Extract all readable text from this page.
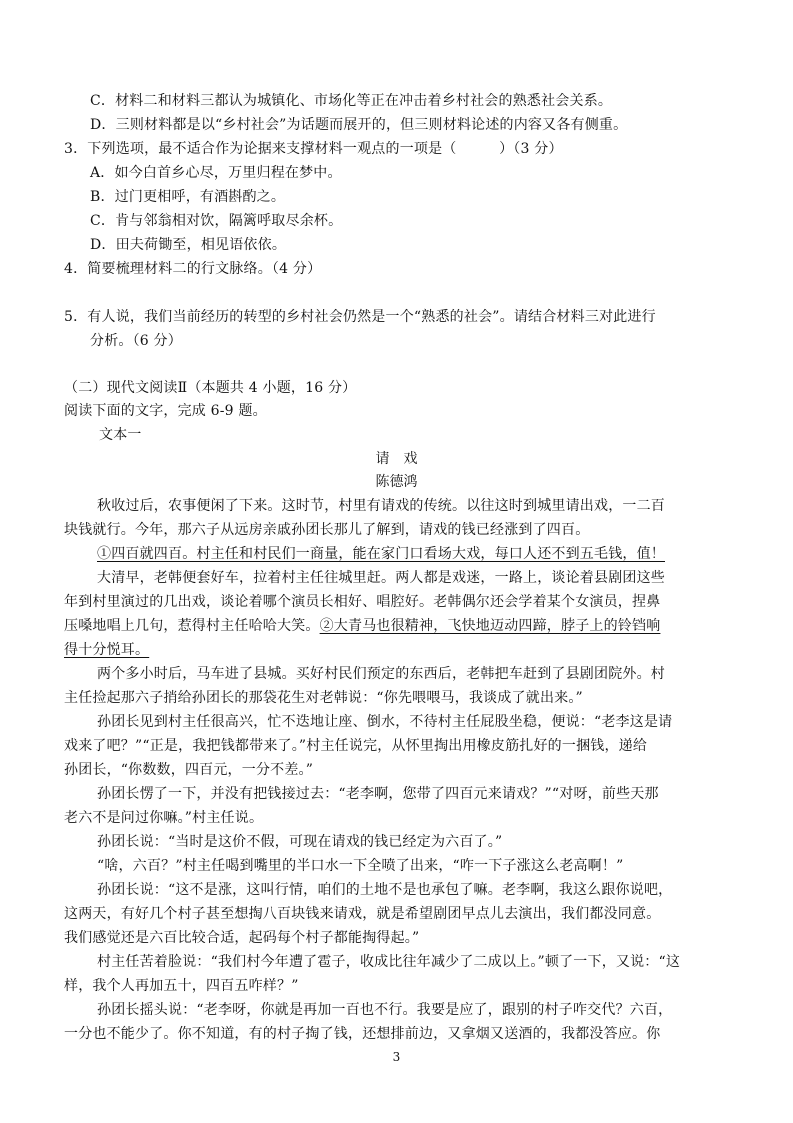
C．材料二和材料三都认为城镇化、市场化等正在冲击着乡村社会的熟悉社会关系。
D．三则材料都是以“乡村社会”为话题而展开的，但三则材料论述的内容又各有侧重。
3．下列选项，最不适合作为论据来支撑材料一观点的一项是（　　　）（3 分）
A．如今白首乡心尽，万里归程在梦中。
B．过门更相呼，有酒斟酌之。
C．肯与邻翁相对饮，隔篱呼取尽余杯。
D．田夫荷锄至，相见语依依。
4．简要梳理材料二的行文脉络。（4 分）
5．有人说，我们当前经历的转型的乡村社会仍然是一个“熟悉的社会”。请结合材料三对此进行
分析。（6 分）
（二）现代文阅读Ⅱ（本题共 4 小题，16 分）
阅读下面的文字，完成 6-9 题。
文本一
请　戏
陈德鸿
秋收过后，农事便闲了下来。这时节，村里有请戏的传统。以往这时到城里请出戏，一二百
块钱就行。今年，那六子从远房亲戚孙团长那儿了解到，请戏的钱已经涨到了四百。
①四百就四百。村主任和村民们一商量，能在家门口看场大戏，每口人还不到五毛钱，值！
大清早，老韩便套好车，拉着村主任往城里赶。两人都是戏迷，一路上，谈论着县剧团这些
年到村里演过的几出戏，谈论着哪个演员长相好、唱腔好。老韩偶尔还会学着某个女演员，捏鼻
压嗓地唱上几句，惹得村主任哈哈大笑。②大青马也很精神，飞快地迈动四蹄，脖子上的铃铛响
得十分悦耳。
两个多小时后，马车进了县城。买好村民们预定的东西后，老韩把车赶到了县剧团院外。村
主任捡起那六子捎给孙团长的那袋花生对老韩说：“你先喂喂马，我谈成了就出来。”
孙团长见到村主任很高兴，忙不迭地让座、倒水，不待村主任屁股坐稳，便说：“老李这是请
戏来了吧？”“正是，我把钱都带来了。”村主任说完，从怀里掏出用橡皮筋扎好的一捆钱，递给
孙团长，“你数数，四百元，一分不差。”
孙团长愣了一下，并没有把钱接过去：“老李啊，您带了四百元来请戏？”“对呀，前些天那
老六不是问过你嘛。”村主任说。
孙团长说：“当时是这价不假，可现在请戏的钱已经定为六百了。”
“啥，六百？”村主任喝到嘴里的半口水一下全喷了出来，“咋一下子涨这么老高啊！”
孙团长说：“这不是涨，这叫行情，咱们的土地不是也承包了嘛。老李啊，我这么跟你说吧，
这两天，有好几个村子甚至想掏八百块钱来请戏，就是希望剧团早点儿去演出，我们都没同意。
我们感觉还是六百比较合适，起码每个村子都能掏得起。”
村主任苦着脸说：“我们村今年遭了雹子，收成比往年减少了二成以上。”顿了一下，又说：“这
样，我个人再加五十，四百五咋样？”
孙团长摇头说：“老李呀，你就是再加一百也不行。我要是应了，跟别的村子咋交代？六百，
一分也不能少了。你不知道，有的村子掏了钱，还想排前边，又拿烟又送酒的，我都没答应。你
3
